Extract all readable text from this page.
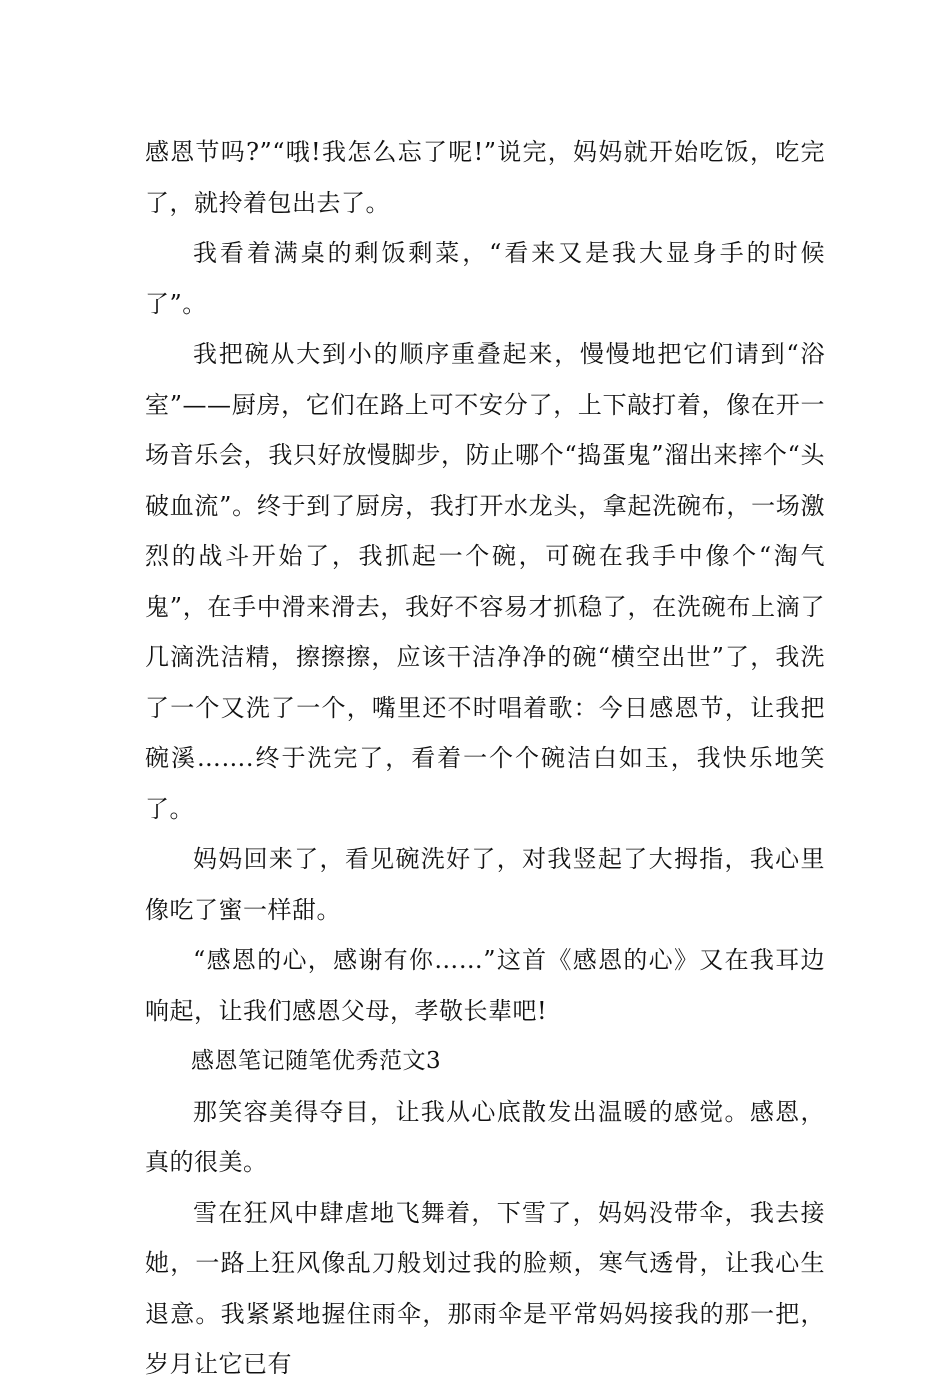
感恩节吗?”“哦!我怎么忘了呢!”说完，妈妈就开始吃饭，吃完了，就拎着包出去了。

我看着满桌的剩饭剩菜，“看来又是我大显身手的时候了”。

我把碗从大到小的顺序重叠起来，慢慢地把它们请到“浴室”——厨房，它们在路上可不安分了，上下敲打着，像在开一场音乐会，我只好放慢脚步，防止哪个“捣蛋鬼”溜出来摔个“头破血流”。终于到了厨房，我打开水龙头，拿起洗碗布，一场激烈的战斗开始了，我抓起一个碗，可碗在我手中像个“淘气鬼”，在手中滑来滑去，我好不容易才抓稳了，在洗碗布上滴了几滴洗洁精，擦擦擦，应该干洁净净的碗“横空出世”了，我洗了一个又洗了一个，嘴里还不时唱着歌：今日感恩节，让我把碗溪…….终于洗完了，看着一个个碗洁白如玉，我快乐地笑了。

妈妈回来了，看见碗洗好了，对我竖起了大拇指，我心里像吃了蜜一样甜。

“感恩的心，感谢有你……”这首《感恩的心》又在我耳边响起，让我们感恩父母，孝敬长辈吧!

感恩笔记随笔优秀范文3

那笑容美得夺目，让我从心底散发出温暖的感觉。感恩，真的很美。

雪在狂风中肆虐地飞舞着，下雪了，妈妈没带伞，我去接她，一路上狂风像乱刀般划过我的脸颊，寒气透骨，让我心生退意。我紧紧地握住雨伞，那雨伞是平常妈妈接我的那一把，岁月让它已有
